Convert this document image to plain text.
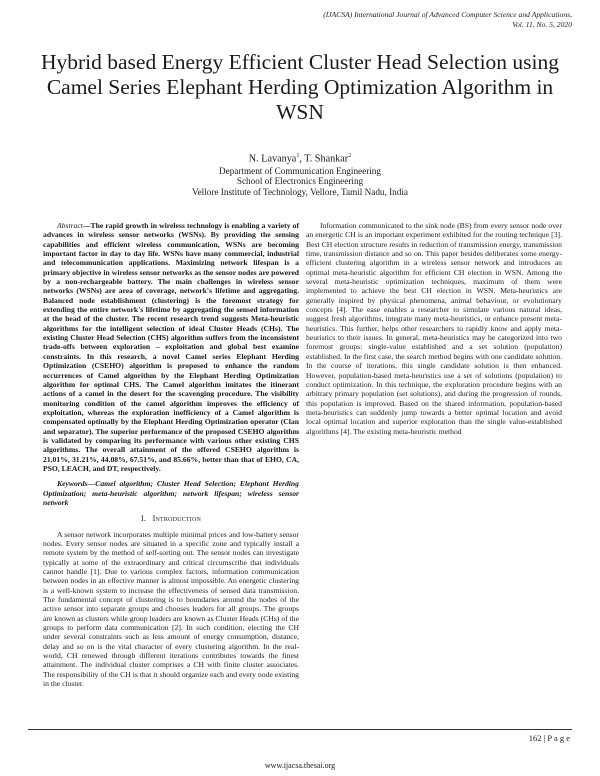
(IJACSA) International Journal of Advanced Computer Science and Applications,
Vol. 11, No. 5, 2020
Hybrid based Energy Efficient Cluster Head Selection using Camel Series Elephant Herding Optimization Algorithm in WSN
N. Lavanya$^1$, T. Shankar$^2$
Department of Communication Engineering
School of Electronics Engineering
Vellore Institute of Technology, Vellore, Tamil Nadu, India

Abstract—The rapid growth in wireless technology is enabling a variety of advances in wireless sensor networks (WSNs). By providing the sensing capabilities and efficient wireless communication, WSNs are becoming important factor in day to day life. WSNs have many commercial, industrial and telecommunication applications. Maximizing network lifespan is a primary objective in wireless sensor networks as the sensor nodes are powered by a non-rechargeable battery. The main challenges in wireless sensor networks (WSNs) are area of coverage, network's lifetime and aggregating. Balanced node establishment (clustering) is the foremost strategy for extending the entire network's lifetime by aggregating the sensed information at the head of the cluster. The recent research trend suggests Meta-heuristic algorithms for the intelligent selection of ideal Cluster Heads (CHs). The existing Cluster Head Selection (CHS) algorithm suffers from the inconsistent trade-offs between exploration – exploitation and global best examine constraints. In this research, a novel Camel series Elephant Herding Optimization (CSEHO) algorithm is proposed to enhance the random occurrences of Camel algorithm by the Elephant Herding Optimization algorithm for optimal CHS. The Camel algorithm imitates the itinerant actions of a camel in the desert for the scavenging procedure. The visibility monitoring condition of the camel algorithm improves the efficiency of exploitation, whereas the exploration inefficiency of a Camel algorithm is compensated optimally by the Elephant Herding Optimization operator (Clan and separator). The superior performance of the proposed CSEHO algorithm is validated by comparing its performance with various other existing CHS algorithms. The overall attainment of the offered CSEHO algorithm is 21.01%, 31.21%, 44.08%, 67.51%, and 85.66%, better than that of EHO, CA, PSO, LEACH, and DT, respectively.

Keywords—Camel algorithm; Cluster Head Selection; Elephant Herding Optimization; meta-heuristic algorithm; network lifespan; wireless sensor network

I. Introduction

A sensor network incorporates multiple minimal prices and low-battery sensor nodes. Every sensor nodes are situated in a specific zone and typically install a remote system by the method of self-sorting out. The sensor nodes can investigate typically at some of the extraordinary and critical circumscribe that individuals cannot handle [1]. Due to various complex factors, information communication between nodes in an effective manner is almost impossible. An energetic clustering is a well-known system to increase the effectiveness of sensed data transmission. The fundamental concept of clustering is to boundaries around the nodes of the active sensor into separate groups and chooses leaders for all groups. The groups are known as clusters while group leaders are known as Cluster Heads (CHs) of the groups to perform data communication [2]. In such condition, electing the CH under several constraints such as less amount of energy consumption, distance, delay and so on is the vital character of every clustering algorithm. In the real-world, CH renewed through different iterations contributes towards the finest attainment. The individual cluster comprises a CH with finite cluster associates. The responsibility of the CH is that it should organize each and every node existing in the cluster.

Information communicated to the sink node (BS) from every sensor node over an energetic CH is an important experiment exhibited for the routing technique [3]. Best CH election structure results in reduction of transmission energy, transmission time, transmission distance and so on. This paper besides deliberates some energy-efficient clustering algorithm in a wireless sensor network and introduces an optimal meta-heuristic algorithm for efficient CH election in WSN. Among the several meta-heuristic optimization techniques, maximum of them were implemented to achieve the best CH election in WSN. Meta-heuristics are generally inspired by physical phenomena, animal behaviour, or evolutionary concepts [4]. The ease enables a researcher to simulate various natural ideas, suggest fresh algorithms, integrate many meta-heuristics, or enhance present meta-heuristics. This further, helps other researchers to rapidly know and apply meta-heuristics to their issues. In general, meta-heuristics may be categorized into two foremost groups: single-value established and a set solution (population) established. In the first case, the search method begins with one candidate solution. In the course of iterations, this single candidate solution is then enhanced. However, population-based meta-heuristics use a set of solutions (population) to conduct optimization. In this technique, the exploration procedure begins with an arbitrary primary population (set solutions), and during the progression of rounds, this population is improved. Based on the shared information, population-based meta-heuristics can suddenly jump towards a better optimal location and avoid local optimal location and superior exploration than the single value-established algorithms [4]. The existing meta-heuristic method

162 | P a g e
www.ijacsa.thesai.org
